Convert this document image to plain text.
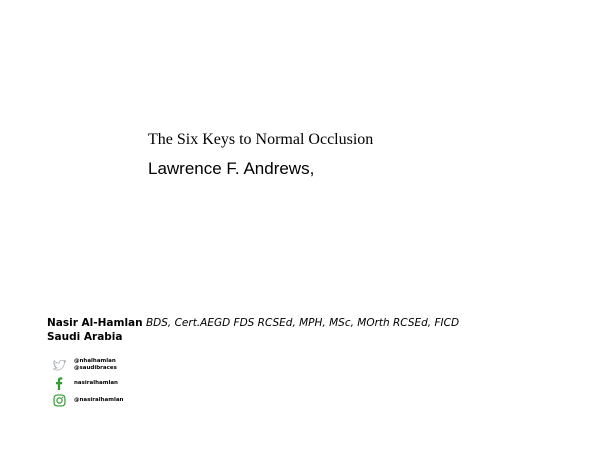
The Six Keys to Normal Occlusion
Lawrence F. Andrews,
Nasir Al-Hamlan BDS, Cert.AEGD FDS RCSEd, MPH, MSc, MOrth RCSEd, FICD
Saudi Arabia
@nhalhamlan
@saudibraces
nasiralhamlan
@nasiralhamlan
